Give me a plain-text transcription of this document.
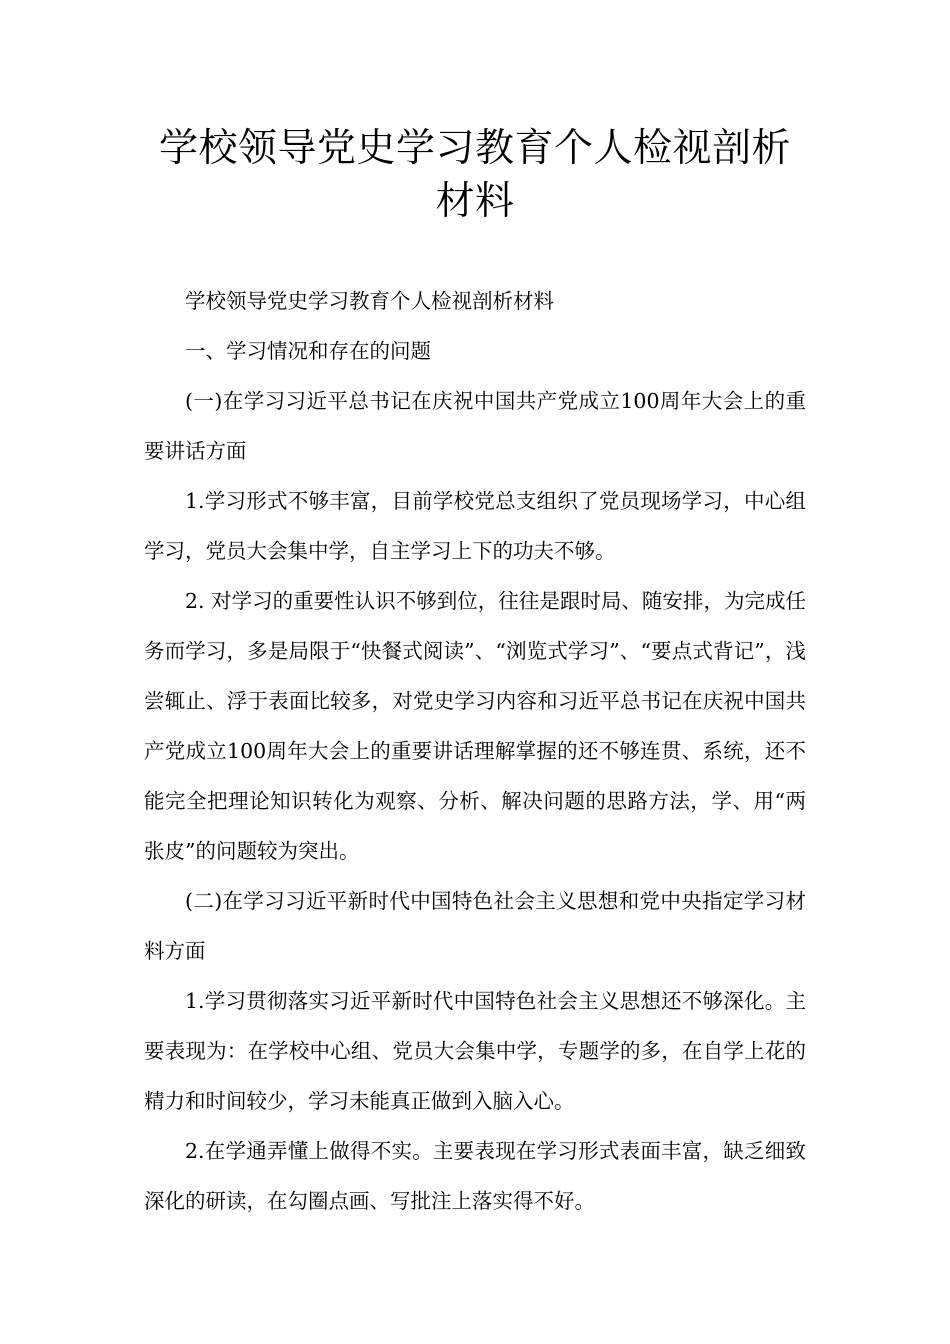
学校领导党史学习教育个人检视剖析材料

学校领导党史学习教育个人检视剖析材料

一、学习情况和存在的问题

(一)在学习习近平总书记在庆祝中国共产党成立100周年大会上的重要讲话方面

1.学习形式不够丰富，目前学校党总支组织了党员现场学习，中心组学习，党员大会集中学，自主学习上下的功夫不够。

2. 对学习的重要性认识不够到位，往往是跟时局、随安排，为完成任务而学习，多是局限于“快餐式阅读”、“浏览式学习”、“要点式背记”，浅尝辄止、浮于表面比较多，对党史学习内容和习近平总书记在庆祝中国共产党成立100周年大会上的重要讲话理解掌握的还不够连贯、系统，还不能完全把理论知识转化为观察、分析、解决问题的思路方法，学、用“两张皮”的问题较为突出。

(二)在学习习近平新时代中国特色社会主义思想和党中央指定学习材料方面

1.学习贯彻落实习近平新时代中国特色社会主义思想还不够深化。主要表现为：在学校中心组、党员大会集中学，专题学的多，在自学上花的精力和时间较少，学习未能真正做到入脑入心。

2.在学通弄懂上做得不实。主要表现在学习形式表面丰富，缺乏细致深化的研读，在勾圈点画、写批注上落实得不好。
